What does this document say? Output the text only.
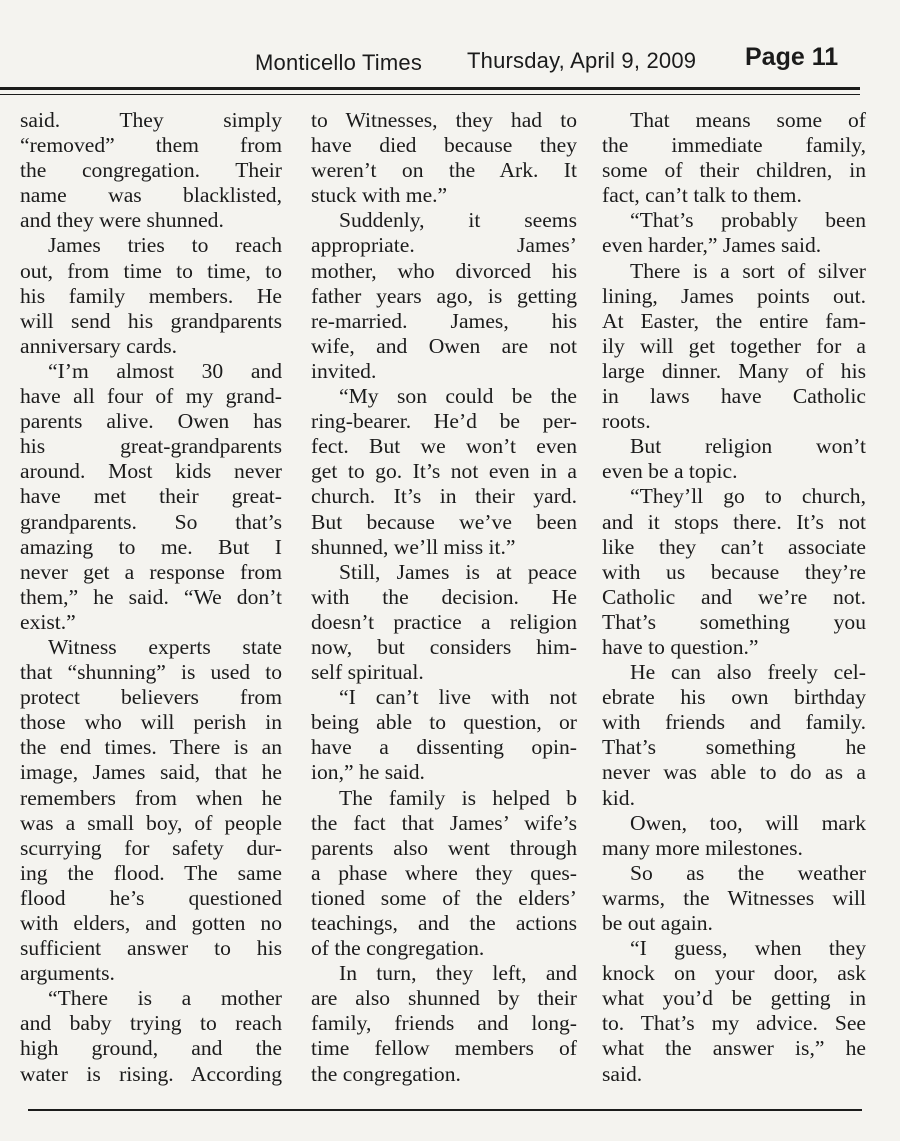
Monticello Times Thursday, April 9, 2009 Page 11
said. They simply
“removed” them from
the congregation. Their
name was blacklisted,
and they were shunned.
James tries to reach
out, from time to time, to
his family members. He
will send his grandparents
anniversary cards.
“I’m almost 30 and
have all four of my grand-
parents alive. Owen has
his great-grandparents
around. Most kids never
have met their great-
grandparents. So that’s
amazing to me. But I
never get a response from
them,” he said. “We don’t
exist.”
Witness experts state
that “shunning” is used to
protect believers from
those who will perish in
the end times. There is an
image, James said, that he
remembers from when he
was a small boy, of people
scurrying for safety dur-
ing the flood. The same
flood he’s questioned
with elders, and gotten no
sufficient answer to his
arguments.
“There is a mother
and baby trying to reach
high ground, and the
water is rising. According
to Witnesses, they had to
have died because they
weren’t on the Ark. It
stuck with me.”
Suddenly, it seems
appropriate. James’
mother, who divorced his
father years ago, is getting
re-married. James, his
wife, and Owen are not
invited.
“My son could be the
ring-bearer. He’d be per-
fect. But we won’t even
get to go. It’s not even in a
church. It’s in their yard.
But because we’ve been
shunned, we’ll miss it.”
Still, James is at peace
with the decision. He
doesn’t practice a religion
now, but considers him-
self spiritual.
“I can’t live with not
being able to question, or
have a dissenting opin-
ion,” he said.
The family is helped b
the fact that James’ wife’s
parents also went through
a phase where they ques-
tioned some of the elders’
teachings, and the actions
of the congregation.
In turn, they left, and
are also shunned by their
family, friends and long-
time fellow members of
the congregation.
That means some of
the immediate family,
some of their children, in
fact, can’t talk to them.
“That’s probably been
even harder,” James said.
There is a sort of silver
lining, James points out.
At Easter, the entire fam-
ily will get together for a
large dinner. Many of his
in laws have Catholic
roots.
But religion won’t
even be a topic.
“They’ll go to church,
and it stops there. It’s not
like they can’t associate
with us because they’re
Catholic and we’re not.
That’s something you
have to question.”
He can also freely cel-
ebrate his own birthday
with friends and family.
That’s something he
never was able to do as a
kid.
Owen, too, will mark
many more milestones.
So as the weather
warms, the Witnesses will
be out again.
“I guess, when they
knock on your door, ask
what you’d be getting in
to. That’s my advice. See
what the answer is,” he
said.
